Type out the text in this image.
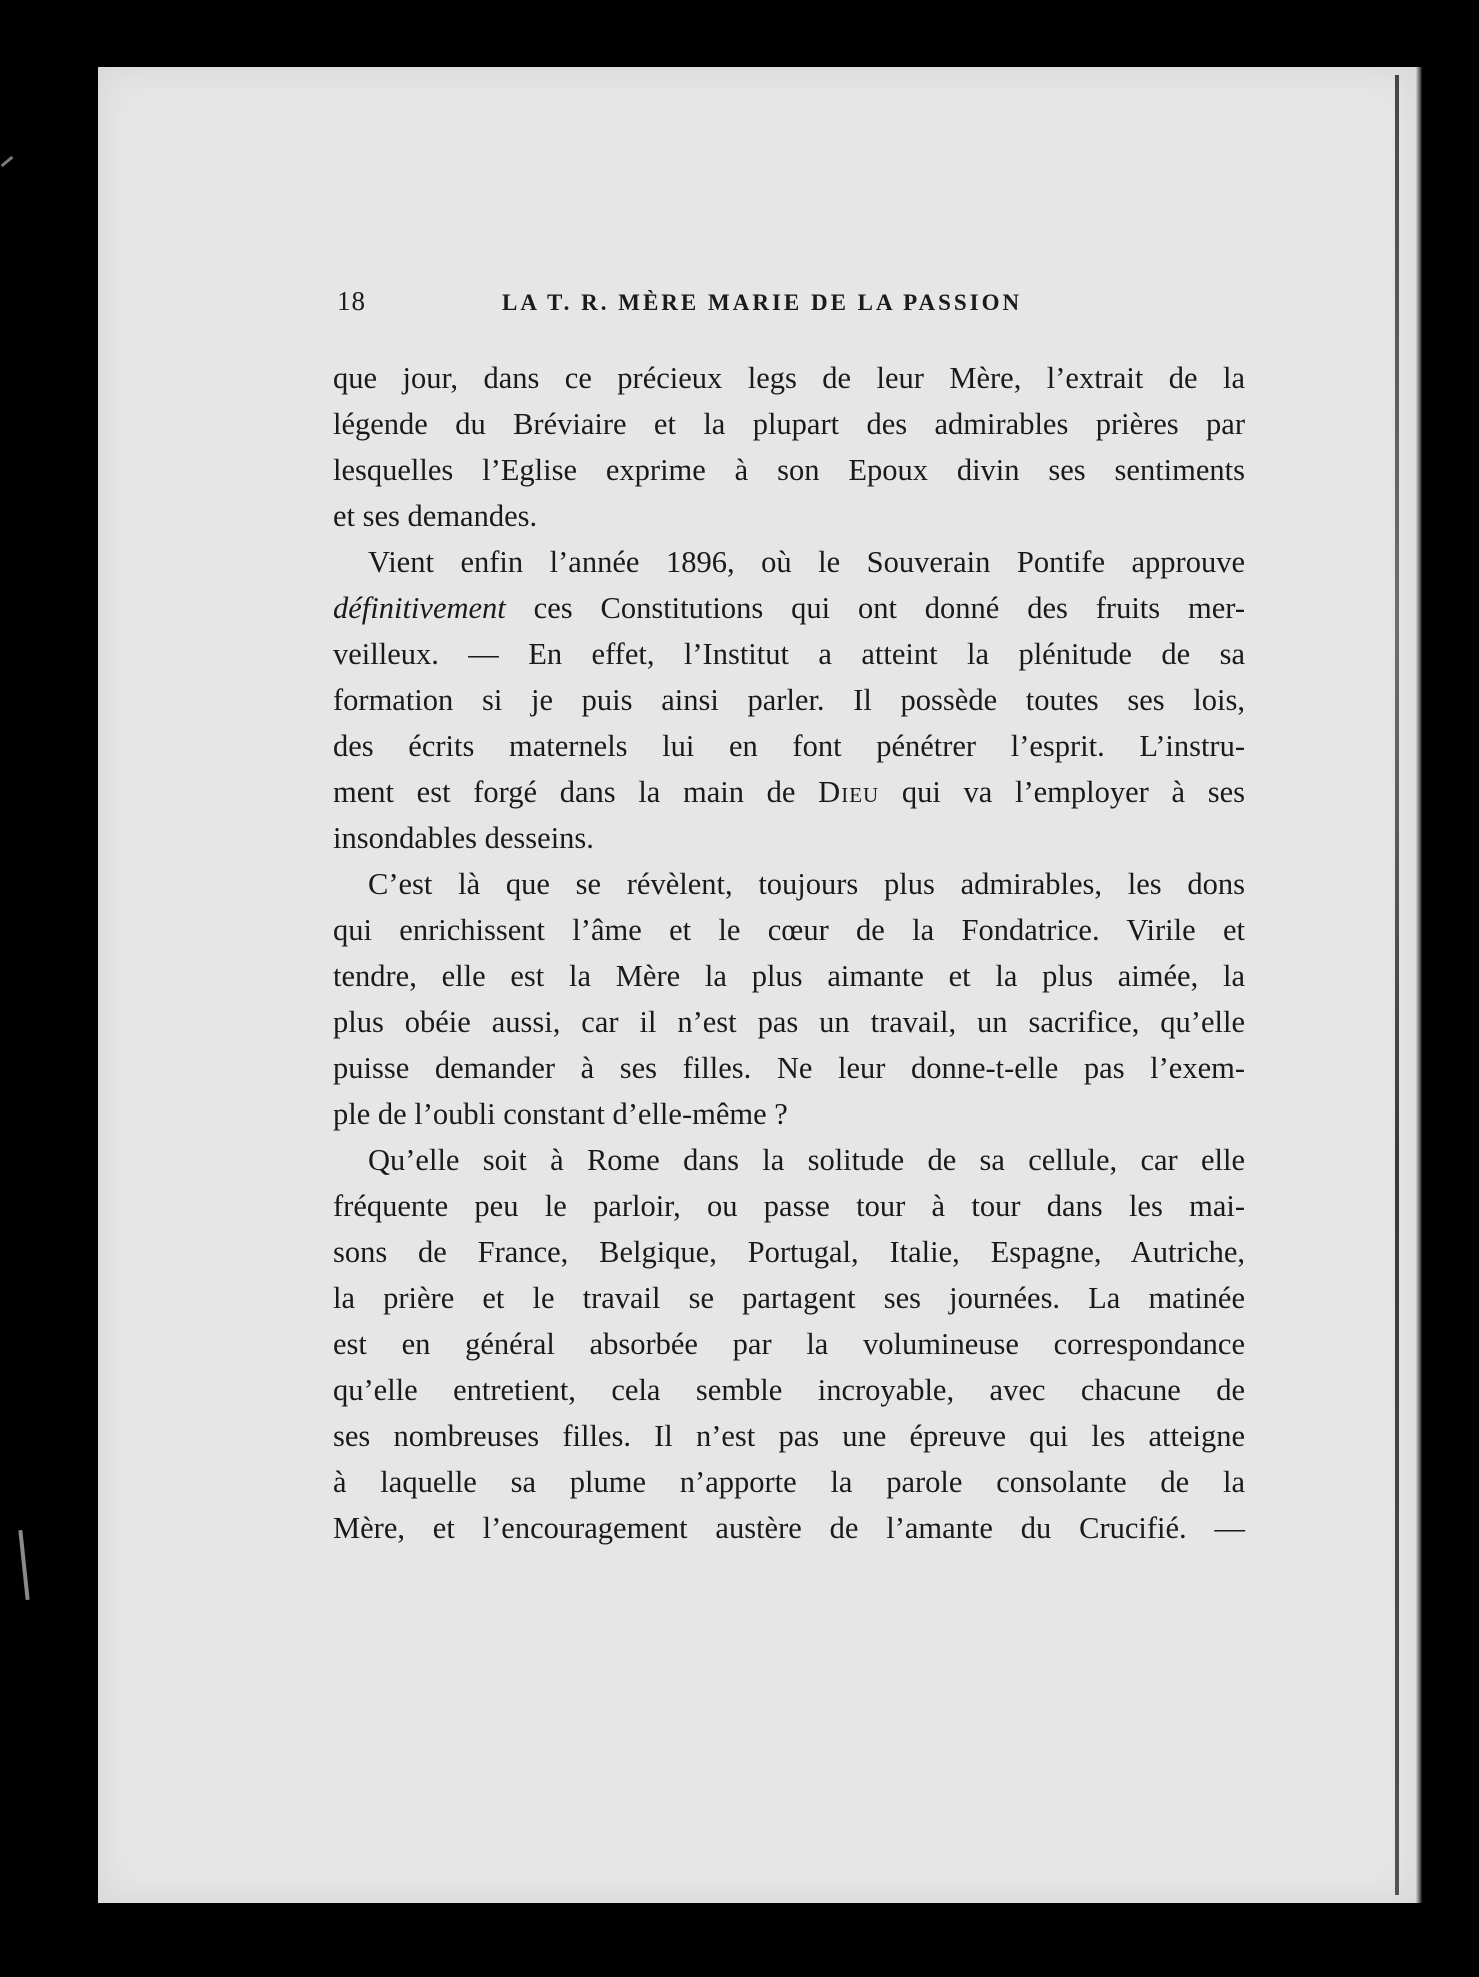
18	LA T. R. MÈRE MARIE DE LA PASSION
que jour, dans ce précieux legs de leur Mère, l’extrait de la
légende du Bréviaire et la plupart des admirables prières par
lesquelles l’Eglise exprime à son Epoux divin ses sentiments
et ses demandes.
Vient enfin l’année 1896, où le Souverain Pontife approuve
définitivement ces Constitutions qui ont donné des fruits mer-
veilleux. — En effet, l’Institut a atteint la plénitude de sa
formation si je puis ainsi parler. Il possède toutes ses lois,
des écrits maternels lui en font pénétrer l’esprit. L’instru-
ment est forgé dans la main de Dieu qui va l’employer à ses
insondables desseins.
C’est là que se révèlent, toujours plus admirables, les dons
qui enrichissent l’âme et le cœur de la Fondatrice. Virile et
tendre, elle est la Mère la plus aimante et la plus aimée, la
plus obéie aussi, car il n’est pas un travail, un sacrifice, qu’elle
puisse demander à ses filles. Ne leur donne-t-elle pas l’exem-
ple de l’oubli constant d’elle-même ?
Qu’elle soit à Rome dans la solitude de sa cellule, car elle
fréquente peu le parloir, ou passe tour à tour dans les mai-
sons de France, Belgique, Portugal, Italie, Espagne, Autriche,
la prière et le travail se partagent ses journées. La matinée
est en général absorbée par la volumineuse correspondance
qu’elle entretient, cela semble incroyable, avec chacune de
ses nombreuses filles. Il n’est pas une épreuve qui les atteigne
à laquelle sa plume n’apporte la parole consolante de la
Mère, et l’encouragement austère de l’amante du Crucifié. —
